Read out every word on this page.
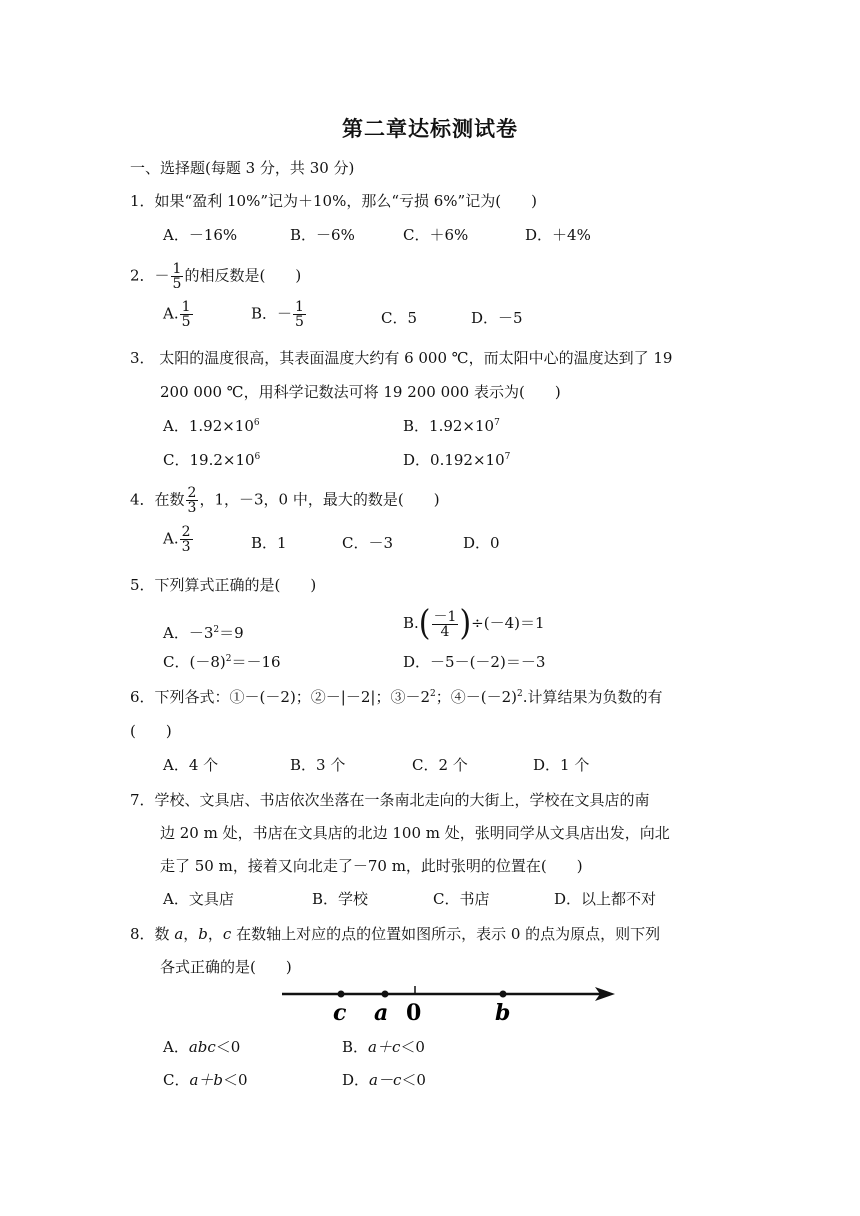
第二章达标测试卷
一、选择题(每题 3 分，共 30 分)
1．如果“盈利 10%”记为＋10%，那么“亏损 6%”记为(　　)
A．－16%	B．－6%	C．＋6%	D．＋4%
2．－ $\frac{1}{5}$ 的相反数是(　　)
A. $\frac{1}{5}$	B．－ $\frac{1}{5}$	C．5	D．－5
3． 太阳的温度很高，其表面温度大约有 6 000 ℃，而太阳中心的温度达到了 19
200 000 ℃，用科学记数法可将 19 200 000 表示为(　　)
A．$1.92\times 10^6$	B．$1.92\times 10^7$
C．$19.2\times 10^6$	D．$0.192\times 10^7$
4．在数 $\frac{2}{3}$ ，1，－3，0 中，最大的数是(　　)
A. $\frac{2}{3}$	B．1	C．－3	D．0
5．下列算式正确的是(　　)
A．$-3^2=9$
$B.( \frac{-1}{4} )\div(-4)=1$
C．$(-8)^2=-16$	D．－5－(－2)＝－3
6．下列各式：①－(－2)；②－|－2|；$③-2^2$；$④-(-2)^2$.计算结果为负数的有
(　　)
A．4 个	B．3 个	C．2 个	D．1 个
7．学校、文具店、书店依次坐落在一条南北走向的大街上，学校在文具店的南
边 20 m 处，书店在文具店的北边 100 m 处，张明同学从文具店出发，向北
走了 50 m，接着又向北走了－70 m，此时张明的位置在(　　)
A．文具店	B．学校	C．书店	D．以上都不对
8．数 a，b，c 在数轴上对应的点的位置如图所示，表示 0 的点为原点，则下列
各式正确的是(　　)
c a 0	b
A．abc＜0	B．a＋c＜0
C．a＋b＜0	D．a－c＜0
